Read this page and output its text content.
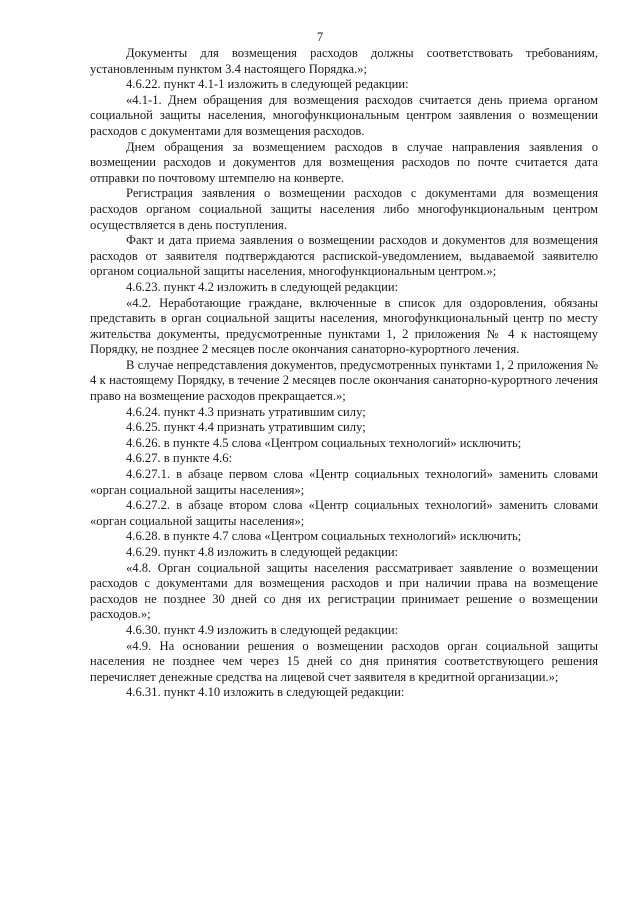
7

Документы для возмещения расходов должны соответствовать требованиям, установленным пунктом 3.4 настоящего Порядка.»;

4.6.22. пункт 4.1-1 изложить в следующей редакции:

«4.1-1. Днем обращения для возмещения расходов считается день приема органом социальной защиты населения, многофункциональным центром заявления о возмещении расходов с документами для возмещения расходов.

Днем обращения за возмещением расходов в случае направления заявления о возмещении расходов и документов для возмещения расходов по почте считается дата отправки по почтовому штемпелю на конверте.

Регистрация заявления о возмещении расходов с документами для возмещения расходов органом социальной защиты населения либо многофункциональным центром осуществляется в день поступления.

Факт и дата приема заявления о возмещении расходов и документов для возмещения расходов от заявителя подтверждаются распиской-уведомлением, выдаваемой заявителю органом социальной защиты населения, многофункциональным центром.»;

4.6.23. пункт 4.2 изложить в следующей редакции:

«4.2. Неработающие граждане, включенные в список для оздоровления, обязаны представить в орган социальной защиты населения, многофункциональный центр по месту жительства документы, предусмотренные пунктами 1, 2 приложения № 4 к настоящему Порядку, не позднее 2 месяцев после окончания санаторно-курортного лечения.

В случае непредставления документов, предусмотренных пунктами 1, 2 приложения № 4 к настоящему Порядку, в течение 2 месяцев после окончания санаторно-курортного лечения право на возмещение расходов прекращается.»;

4.6.24. пункт 4.3 признать утратившим силу;

4.6.25. пункт 4.4 признать утратившим силу;

4.6.26. в пункте 4.5 слова «Центром социальных технологий» исключить;

4.6.27. в пункте 4.6:

4.6.27.1. в абзаце первом слова «Центр социальных технологий» заменить словами «орган социальной защиты населения»;

4.6.27.2. в абзаце втором слова «Центр социальных технологий» заменить словами «орган социальной защиты населения»;

4.6.28. в пункте 4.7 слова «Центром социальных технологий» исключить;

4.6.29. пункт 4.8 изложить в следующей редакции:

«4.8. Орган социальной защиты населения рассматривает заявление о возмещении расходов с документами для возмещения расходов и при наличии права на возмещение расходов не позднее 30 дней со дня их регистрации принимает решение о возмещении расходов.»;

4.6.30. пункт 4.9 изложить в следующей редакции:

«4.9. На основании решения о возмещении расходов орган социальной защиты населения не позднее чем через 15 дней со дня принятия соответствующего решения перечисляет денежные средства на лицевой счет заявителя в кредитной организации.»;

4.6.31. пункт 4.10 изложить в следующей редакции:
